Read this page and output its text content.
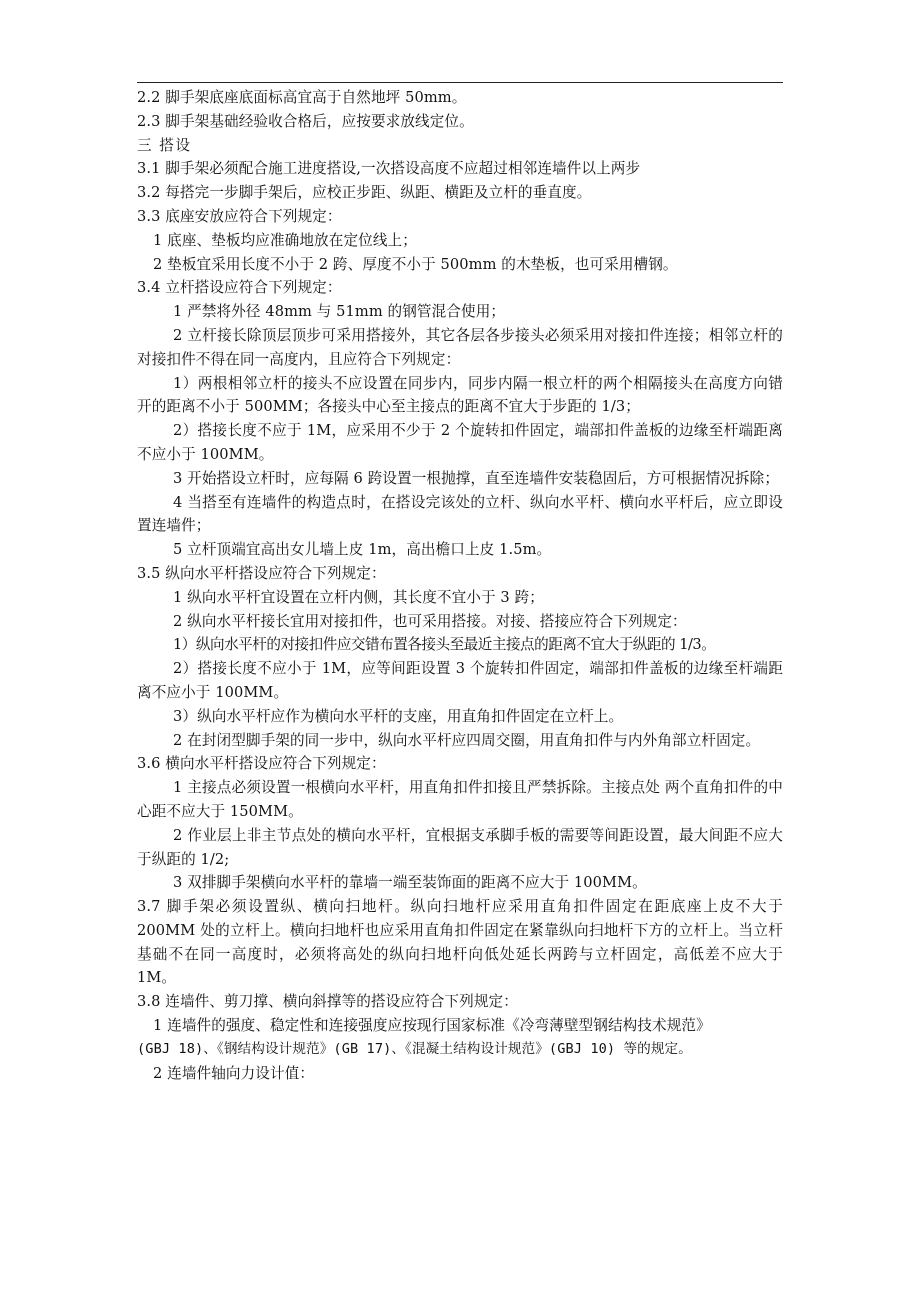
2.2 脚手架底座底面标高宜高于自然地坪 50mm。
2.3 脚手架基础经验收合格后，应按要求放线定位。
三 搭设
3.1 脚手架必须配合施工进度搭设,一次搭设高度不应超过相邻连墙件以上两步
3.2 每搭完一步脚手架后，应校正步距、纵距、横距及立杆的垂直度。
3.3 底座安放应符合下列规定：
1 底座、垫板均应准确地放在定位线上；
2 垫板宜采用长度不小于 2 跨、厚度不小于 500mm 的木垫板，也可采用槽钢。
3.4 立杆搭设应符合下列规定：
1 严禁将外径 48mm 与 51mm 的钢管混合使用；
2 立杆接长除顶层顶步可采用搭接外，其它各层各步接头必须采用对接扣件连接；相邻立杆的对接扣件不得在同一高度内，且应符合下列规定：
1）两根相邻立杆的接头不应设置在同步内，同步内隔一根立杆的两个相隔接头在高度方向错开的距离不小于 500MM；各接头中心至主接点的距离不宜大于步距的 1/3；
2）搭接长度不应于 1M，应采用不少于 2 个旋转扣件固定，端部扣件盖板的边缘至杆端距离不应小于 100MM。
3 开始搭设立杆时，应每隔 6 跨设置一根抛撑，直至连墙件安装稳固后，方可根据情况拆除；
4 当搭至有连墙件的构造点时，在搭设完该处的立杆、纵向水平杆、横向水平杆后，应立即设置连墙件；
5 立杆顶端宜高出女儿墙上皮 1m，高出檐口上皮 1.5m。
3.5 纵向水平杆搭设应符合下列规定：
1 纵向水平杆宜设置在立杆内侧，其长度不宜小于 3 跨；
2 纵向水平杆接长宜用对接扣件，也可采用搭接。对接、搭接应符合下列规定：
1）纵向水平杆的对接扣件应交错布置各接头至最近主接点的距离不宜大于纵距的 1/3。
2）搭接长度不应小于 1M，应等间距设置 3 个旋转扣件固定，端部扣件盖板的边缘至杆端距离不应小于 100MM。
3）纵向水平杆应作为横向水平杆的支座，用直角扣件固定在立杆上。
2 在封闭型脚手架的同一步中，纵向水平杆应四周交圈，用直角扣件与内外角部立杆固定。
3.6 横向水平杆搭设应符合下列规定：
1 主接点必须设置一根横向水平杆，用直角扣件扣接且严禁拆除。主接点处 两个直角扣件的中心距不应大于 150MM。
2 作业层上非主节点处的横向水平杆，宜根据支承脚手板的需要等间距设置，最大间距不应大于纵距的 1/2;
3 双排脚手架横向水平杆的靠墙一端至装饰面的距离不应大于 100MM。
3.7 脚手架必须设置纵、横向扫地杆。纵向扫地杆应采用直角扣件固定在距底座上皮不大于 200MM 处的立杆上。横向扫地杆也应采用直角扣件固定在紧靠纵向扫地杆下方的立杆上。当立杆基础不在同一高度时，必须将高处的纵向扫地杆向低处延长两跨与立杆固定，高低差不应大于 1M。
3.8 连墙件、剪刀撑、横向斜撑等的搭设应符合下列规定：
1 连墙件的强度、稳定性和连接强度应按现行国家标准《冷弯薄壁型钢结构技术规范》
(GBJ 18)、《钢结构设计规范》(GB 17)、《混凝土结构设计规范》(GBJ 10) 等的规定。
2 连墙件轴向力设计值：
